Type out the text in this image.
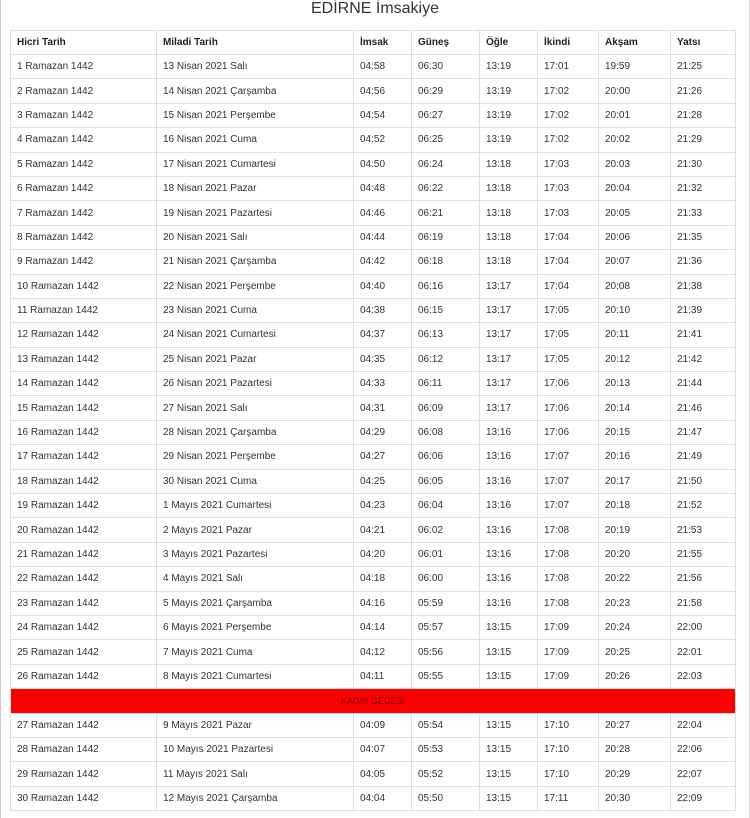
EDİRNE İmsakiye
Hicri Tarih	Miladi Tarih	İmsak	Güneş	Öğle	İkindi	Akşam	Yatsı
1 Ramazan 1442	13 Nisan 2021 Salı	04:58	06:30	13:19	17:01	19:59	21:25
2 Ramazan 1442	14 Nisan 2021 Çarşamba	04:56	06:29	13:19	17:02	20:00	21:26
3 Ramazan 1442	15 Nisan 2021 Perşembe	04:54	06:27	13:19	17:02	20:01	21:28
4 Ramazan 1442	16 Nisan 2021 Cuma	04:52	06:25	13:19	17:02	20:02	21:29
5 Ramazan 1442	17 Nisan 2021 Cumartesi	04:50	06:24	13:18	17:03	20:03	21:30
6 Ramazan 1442	18 Nisan 2021 Pazar	04:48	06:22	13:18	17:03	20:04	21:32
7 Ramazan 1442	19 Nisan 2021 Pazartesi	04:46	06:21	13:18	17:03	20:05	21:33
8 Ramazan 1442	20 Nisan 2021 Salı	04:44	06:19	13:18	17:04	20:06	21:35
9 Ramazan 1442	21 Nisan 2021 Çarşamba	04:42	06:18	13:18	17:04	20:07	21:36
10 Ramazan 1442	22 Nisan 2021 Perşembe	04:40	06:16	13:17	17:04	20:08	21:38
11 Ramazan 1442	23 Nisan 2021 Cuma	04:38	06:15	13:17	17:05	20:10	21:39
12 Ramazan 1442	24 Nisan 2021 Cumartesi	04:37	06:13	13:17	17:05	20:11	21:41
13 Ramazan 1442	25 Nisan 2021 Pazar	04:35	06:12	13:17	17:05	20:12	21:42
14 Ramazan 1442	26 Nisan 2021 Pazartesi	04:33	06:11	13:17	17:06	20:13	21:44
15 Ramazan 1442	27 Nisan 2021 Salı	04:31	06:09	13:17	17:06	20:14	21:46
16 Ramazan 1442	28 Nisan 2021 Çarşamba	04:29	06:08	13:16	17:06	20:15	21:47
17 Ramazan 1442	29 Nisan 2021 Perşembe	04:27	06:06	13:16	17:07	20:16	21:49
18 Ramazan 1442	30 Nisan 2021 Cuma	04:25	06:05	13:16	17:07	20:17	21:50
19 Ramazan 1442	1 Mayıs 2021 Cumartesi	04:23	06:04	13:16	17:07	20:18	21:52
20 Ramazan 1442	2 Mayıs 2021 Pazar	04:21	06:02	13:16	17:08	20:19	21:53
21 Ramazan 1442	3 Mayıs 2021 Pazartesi	04:20	06:01	13:16	17:08	20:20	21:55
22 Ramazan 1442	4 Mayıs 2021 Salı	04:18	06:00	13:16	17:08	20:22	21:56
23 Ramazan 1442	5 Mayıs 2021 Çarşamba	04:16	05:59	13:16	17:08	20:23	21:58
24 Ramazan 1442	6 Mayıs 2021 Perşembe	04:14	05:57	13:15	17:09	20:24	22:00
25 Ramazan 1442	7 Mayıs 2021 Cuma	04:12	05:56	13:15	17:09	20:25	22:01
26 Ramazan 1442	8 Mayıs 2021 Cumartesi	04:11	05:55	13:15	17:09	20:26	22:03
KADIR GECESİ							
27 Ramazan 1442	9 Mayıs 2021 Pazar	04:09	05:54	13:15	17:10	20:27	22:04
28 Ramazan 1442	10 Mayıs 2021 Pazartesi	04:07	05:53	13:15	17:10	20:28	22:06
29 Ramazan 1442	11 Mayıs 2021 Salı	04:05	05:52	13:15	17:10	20:29	22:07
30 Ramazan 1442	12 Mayıs 2021 Çarşamba	04:04	05:50	13:15	17:11	20:30	22:09
